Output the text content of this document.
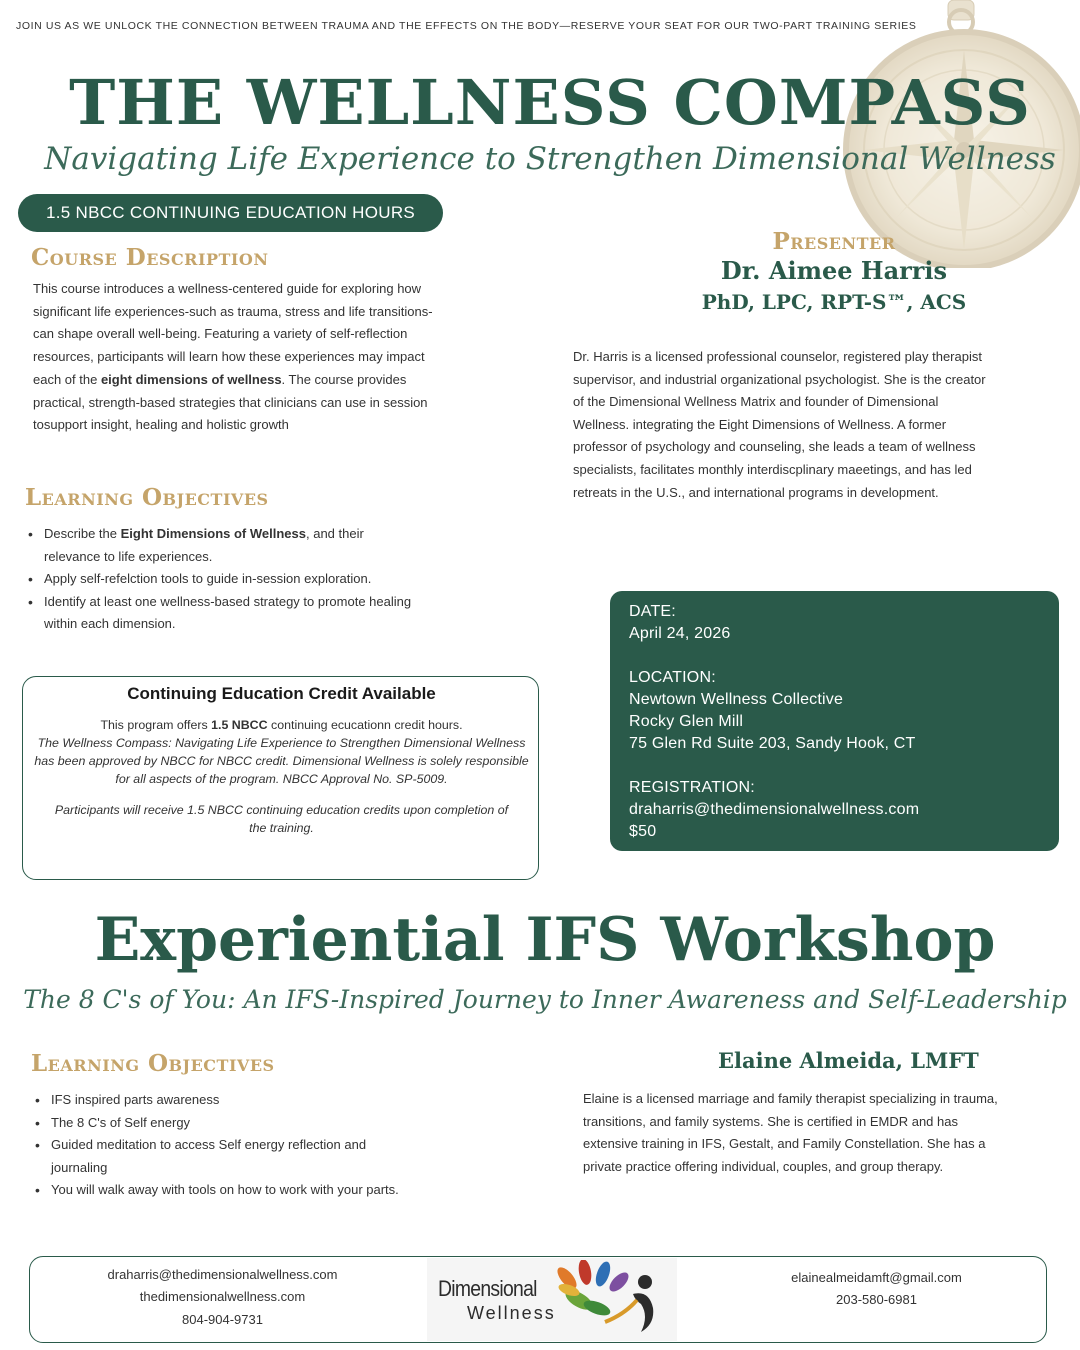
JOIN US AS WE UNLOCK THE CONNECTION BETWEEN TRAUMA AND THE EFFECTS ON THE BODY—RESERVE YOUR SEAT FOR OUR TWO-PART TRAINING SERIES
THE WELLNESS COMPASS
Navigating Life Experience to Strengthen Dimensional Wellness
1.5 NBCC CONTINUING EDUCATION HOURS
Course Description
This course introduces a wellness-centered guide for exploring how significant life experiences-such as trauma, stress and life transitions-can shape overall well-being. Featuring a variety of self-reflection resources, participants will learn how these experiences may impact each of the eight dimensions of wellness. The course provides practical, strength-based strategies that clinicians can use in session tosupport insight, healing and holistic growth
Learning Objectives
• Describe the Eight Dimensions of Wellness, and their relevance to life experiences.
• Apply self-refelction tools to guide in-session exploration.
• Identify at least one wellness-based strategy to promote healing within each dimension.
Continuing Education Credit Available

This program offers 1.5 NBCC continuing ecucationn credit hours.

The Wellness Compass: Navigating Life Experience to Strengthen Dimensional Wellness has been approved by NBCC for NBCC credit. Dimensional Wellness is solely responsible for all aspects of the program. NBCC Approval No. SP-5009.

Participants will receive 1.5 NBCC continuing education credits upon completion of the training.
Presenter
Dr. Aimee Harris
PhD, LPC, RPT-S™, ACS
Dr. Harris is a licensed professional counselor, registered play therapist supervisor, and industrial organizational psychologist. She is the creator of the Dimensional Wellness Matrix and founder of Dimensional Wellness. integrating the Eight Dimensions of Wellness. A former professor of psychology and counseling, she leads a team of wellness specialists, facilitates monthly interdiscplinary maeetings, and has led retreats in the U.S., and international programs in development.
DATE:
April 24, 2026
LOCATION:
Newtown Wellness Collective
Rocky Glen Mill
75 Glen Rd Suite 203, Sandy Hook, CT
REGISTRATION:
draharris@thedimensionalwellness.com
$50
Experiential IFS Workshop
The 8 C's of You: An IFS-Inspired Journey to Inner Awareness and Self-Leadership
Learning Objectives
• IFS inspired parts awareness
• The 8 C's of Self energy
• Guided meditation to access Self energy reflection and journaling
• You will walk away with tools on how to work with your parts.
Elaine Almeida, LMFT
Elaine is a licensed marriage and family therapist specializing in trauma, transitions, and family systems. She is certified in EMDR and has extensive training in IFS, Gestalt, and Family Constellation. She has a private practice offering individual, couples, and group therapy.
draharris@thedimensionalwellness.com
thedimensionalwellness.com
804-904-9731
Dimensional
Wellness
elainealmeidamft@gmail.com
203-580-6981
